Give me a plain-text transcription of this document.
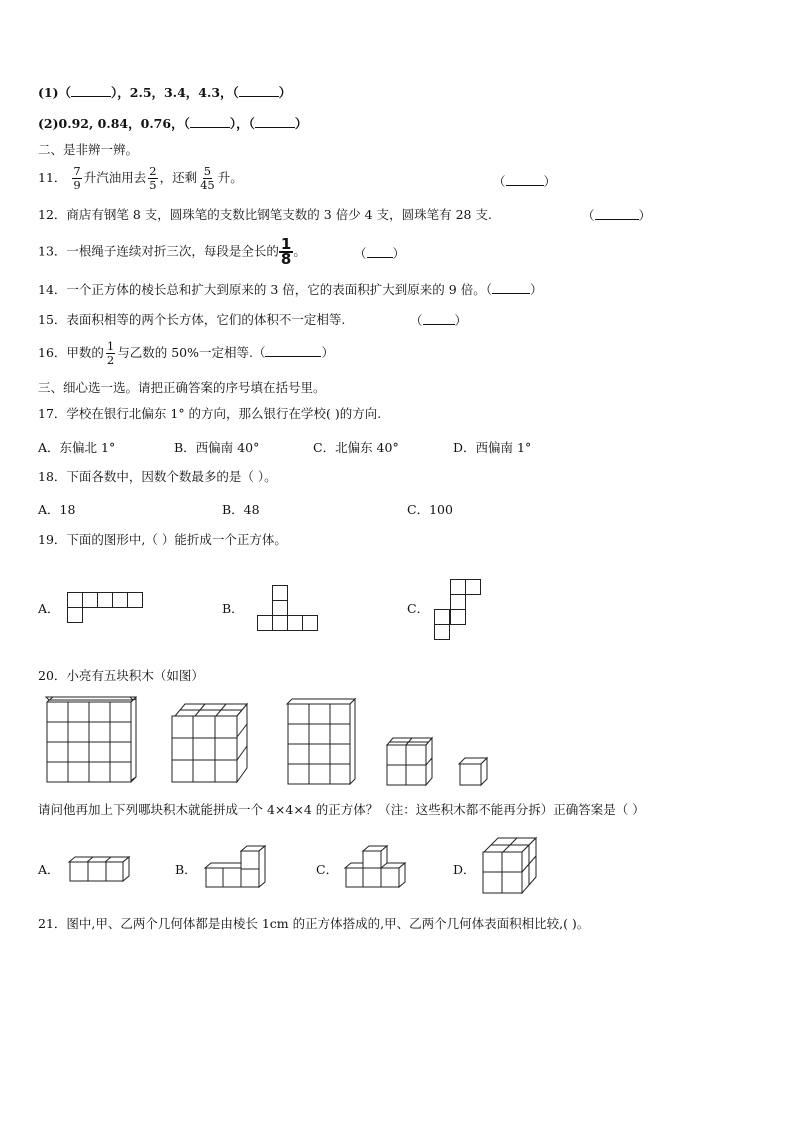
(1)（	），2.5，3.4，4.3，（	）
(2)0.92, 0.84，0.76，（	），（	）
二、是非辨一辨。
11． $\frac{7}{9}$ 升汽油用去 $\frac{2}{5}$ ，还剩 $\frac{5}{45}$ 升。	（	）
12．商店有钢笔 8 支，圆珠笔的支数比钢笔支数的 3 倍少 4 支，圆珠笔有 28 支.	（	）
13．一根绳子连续对折三次，每段是全长的 $\frac{1}{8}$ 。	（ ）
14．一个正方体的棱长总和扩大到原来的 3 倍，它的表面积扩大到原来的 9 倍。（	）
15．表面积相等的两个长方体，它们的体积不一定相等.	（	）
16．甲数的 $\frac{1}{2}$ 与乙数的 50%一定相等.（	）
三、细心选一选。请把正确答案的序号填在括号里。
17．学校在银行北偏东 1° 的方向，那么银行在学校( )的方向.
A．东偏北 1°	B．西偏南 40°	C．北偏东 40°	D．西偏南 1°
18．下面各数中，因数个数最多的是（ ）。
A．18	B．48	C．100
19．下面的图形中,（ ）能折成一个正方体。
A．	B．	C．
20．小亮有五块积木（如图）
请问他再加上下列哪块积木就能拼成一个 4×4×4 的正方体？（注：这些积木都不能再分拆）正确答案是（ ）
A．	B．	C．	D．
21．图中,甲、乙两个几何体都是由棱长 1cm 的正方体搭成的,甲、乙两个几何体表面积相比较,( )。
